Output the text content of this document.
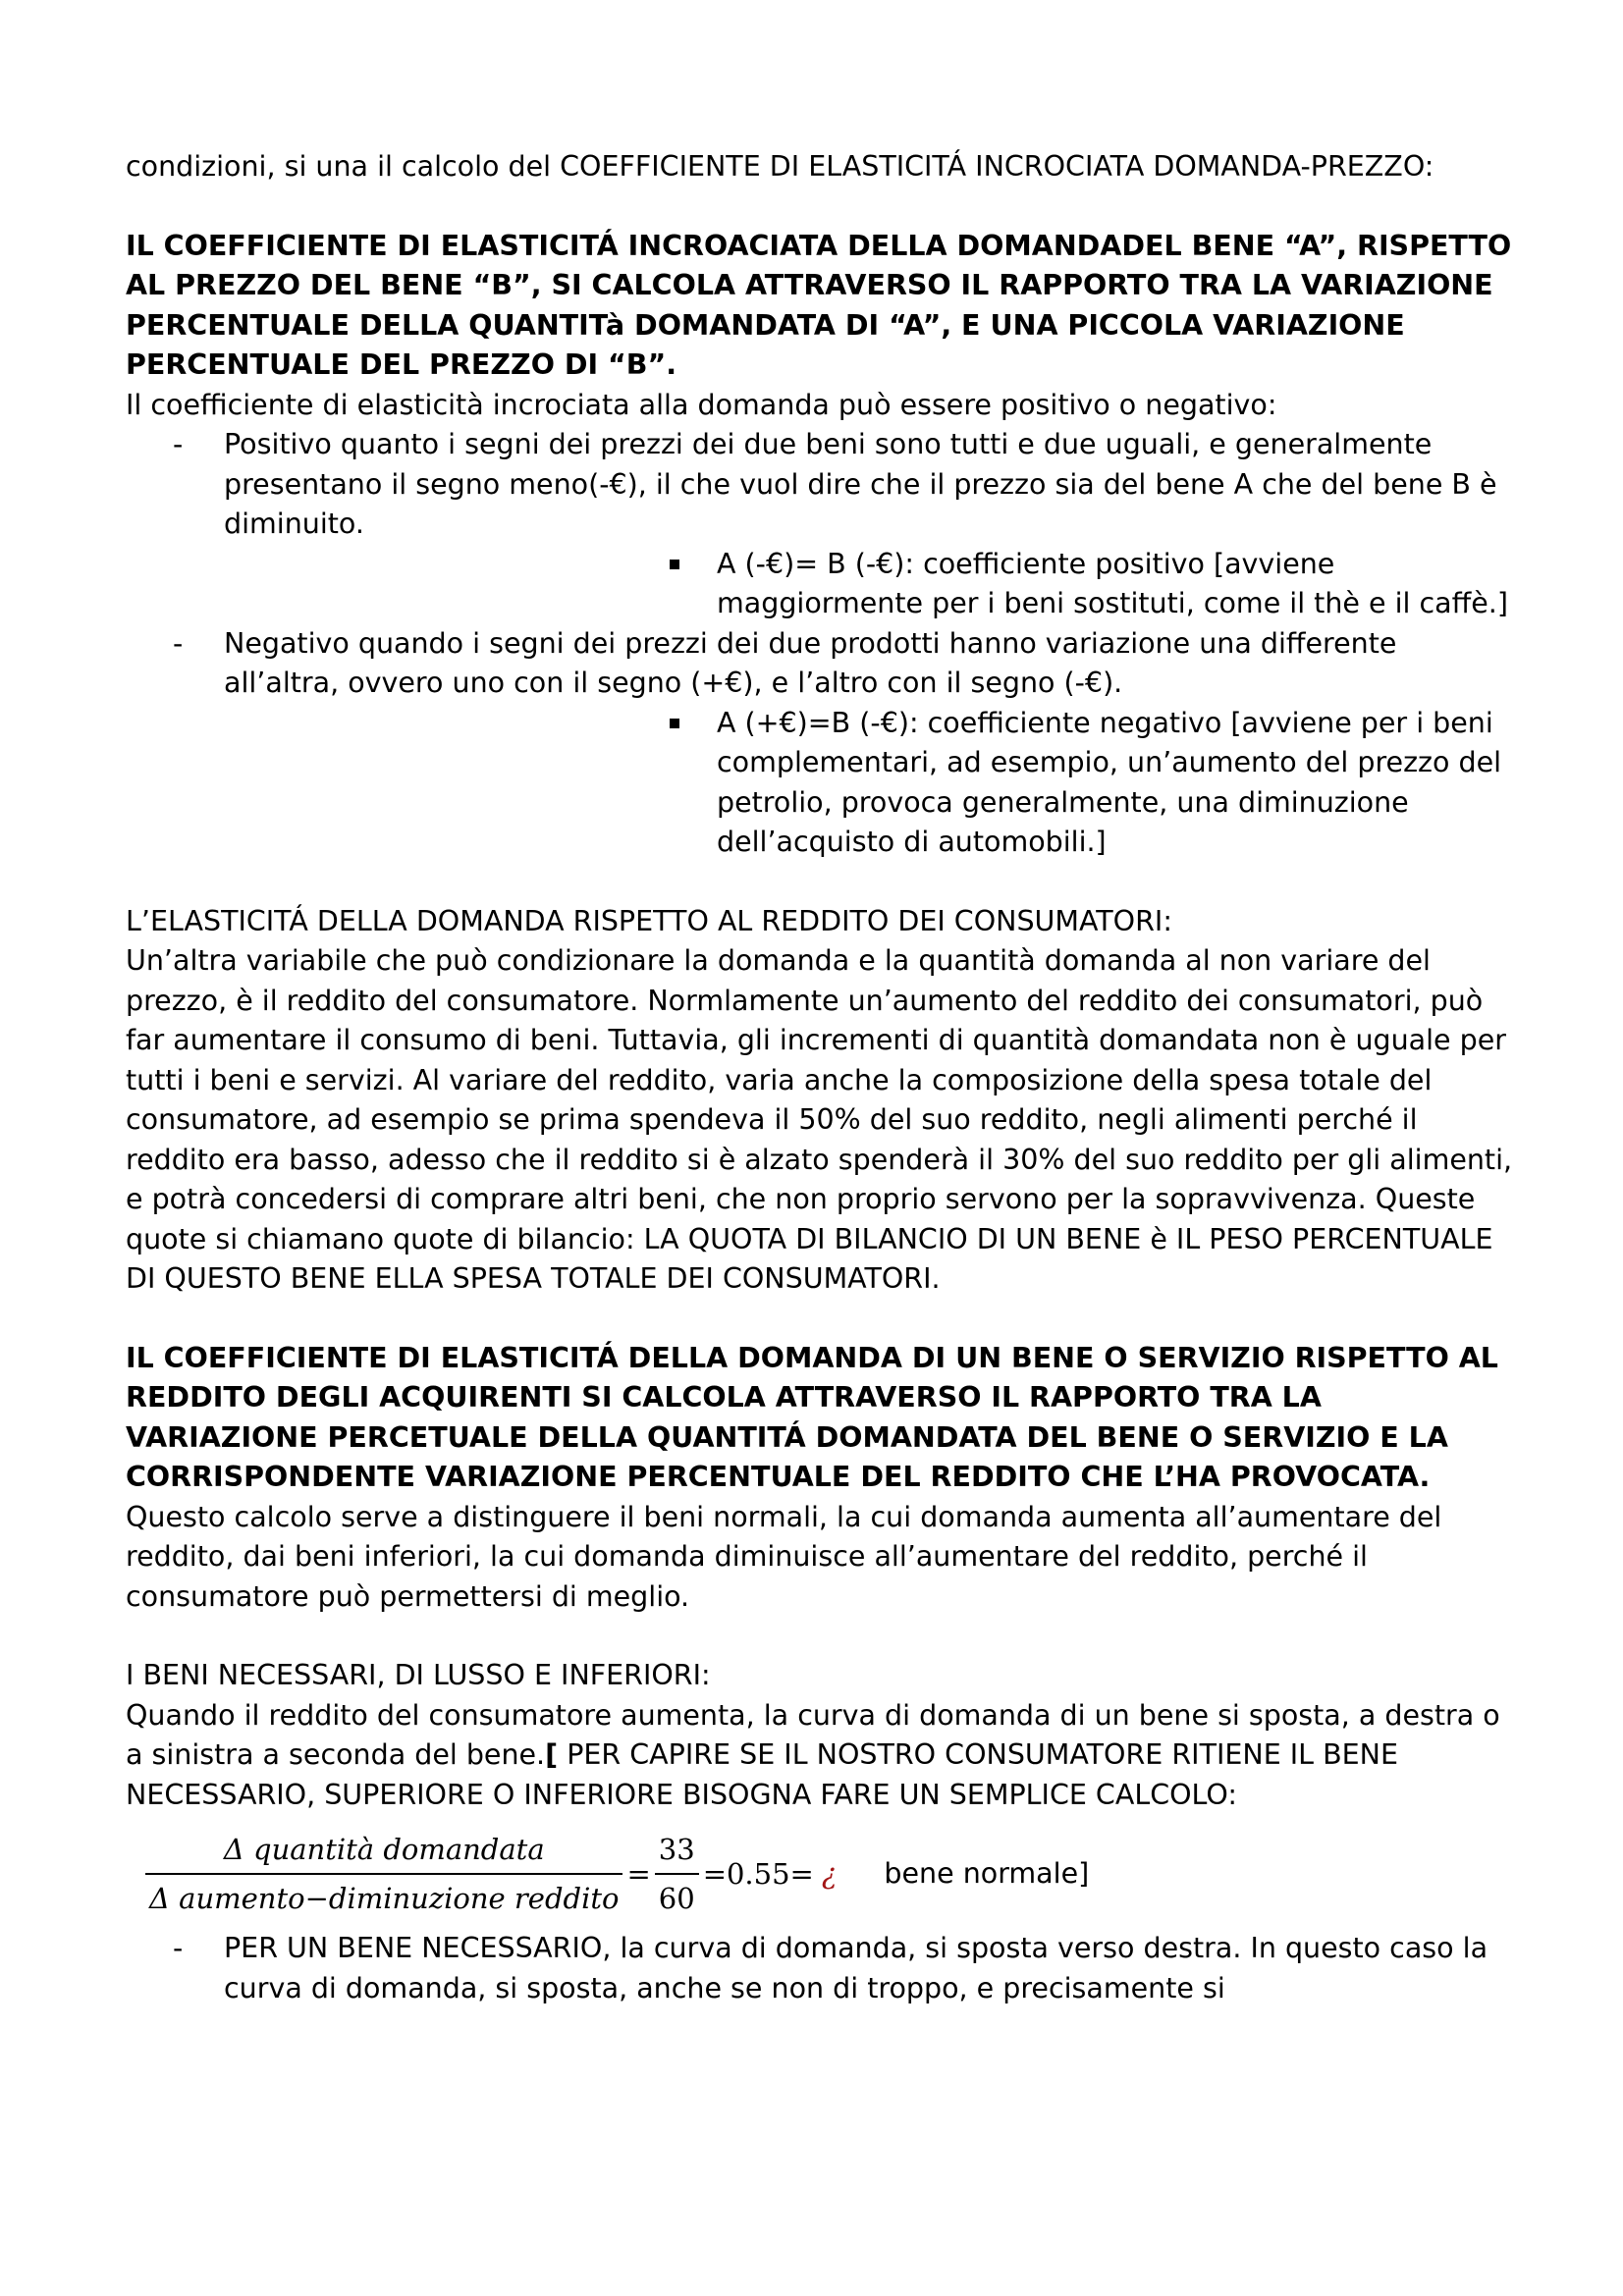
condizioni, si una il calcolo del COEFFICIENTE DI ELASTICITÁ INCROCIATA DOMANDA-PREZZO:

IL COEFFICIENTE DI ELASTICITÁ INCROACIATA DELLA DOMANDADEL BENE “A”, RISPETTO AL PREZZO DEL BENE “B”, SI CALCOLA ATTRAVERSO IL RAPPORTO TRA LA VARIAZIONE PERCENTUALE DELLA QUANTITà DOMANDATA DI “A”, E UNA PICCOLA VARIAZIONE PERCENTUALE DEL PREZZO DI “B”.

Il coefficiente di elasticità incrociata alla domanda può essere positivo o negativo:

- Positivo quanto i segni dei prezzi dei due beni sono tutti e due uguali, e generalmente presentano il segno meno(-€), il che vuol dire che il prezzo sia del bene A che del bene B è diminuito.
A (-€)= B (-€): coefficiente positivo [avviene maggiormente per i beni sostituti, come il thè e il caffè.]
- Negativo quando i segni dei prezzi dei due prodotti hanno variazione una differente all’altra, ovvero uno con il segno (+€), e l’altro con il segno (-€).
A (+€)=B (-€): coefficiente negativo [avviene per i beni complementari, ad esempio, un’aumento del prezzo del petrolio, provoca generalmente, una diminuzione dell’acquisto di automobili.]

L’ELASTICITÁ DELLA DOMANDA RISPETTO AL REDDITO DEI CONSUMATORI:

Un’altra variabile che può condizionare la domanda e la quantità domanda al non variare del prezzo, è il reddito del consumatore. Normlamente un’aumento del reddito dei consumatori, può far aumentare il consumo di beni. Tuttavia, gli incrementi di quantità domandata non è uguale per tutti i beni e servizi. Al variare del reddito, varia anche la composizione della spesa totale del consumatore, ad esempio se prima spendeva il 50% del suo reddito, negli alimenti perché il reddito era basso, adesso che il reddito si è alzato spenderà il 30% del suo reddito per gli alimenti, e potrà concedersi di comprare altri beni, che non proprio servono per la sopravvivenza. Queste quote si chiamano quote di bilancio: LA QUOTA DI BILANCIO DI UN BENE è IL PESO PERCENTUALE DI QUESTO BENE ELLA SPESA TOTALE DEI CONSUMATORI.

IL COEFFICIENTE DI ELASTICITÁ DELLA DOMANDA DI UN BENE O SERVIZIO RISPETTO AL REDDITO DEGLI ACQUIRENTI SI CALCOLA ATTRAVERSO IL RAPPORTO TRA LA VARIAZIONE PERCETUALE DELLA QUANTITÁ DOMANDATA DEL BENE O SERVIZIO E LA CORRISPONDENTE VARIAZIONE PERCENTUALE DEL REDDITO CHE L’HA PROVOCATA.

Questo calcolo serve a distinguere il beni normali, la cui domanda aumenta all’aumentare del reddito, dai beni inferiori, la cui domanda diminuisce all’aumentare del reddito, perché il consumatore può permettersi di meglio.

I BENI NECESSARI, DI LUSSO E INFERIORI:

Quando il reddito del consumatore aumenta, la curva di domanda di un bene si sposta, a destra o a sinistra a seconda del bene.[ PER CAPIRE SE IL NOSTRO CONSUMATORE RITIENE IL BENE NECESSARIO, SUPERIORE O INFERIORE BISOGNA FARE UN SEMPLICE CALCOLO:

$\frac{\text{Δ quantità domandata}}{\text{Δ aumento−diminuzione reddito}} = \frac{33}{60} =0.55=$ ¿ bene normale]
- PER UN BENE NECESSARIO, la curva di domanda, si sposta verso destra. In questo caso la curva di domanda, si sposta, anche se non di troppo, e precisamente si
